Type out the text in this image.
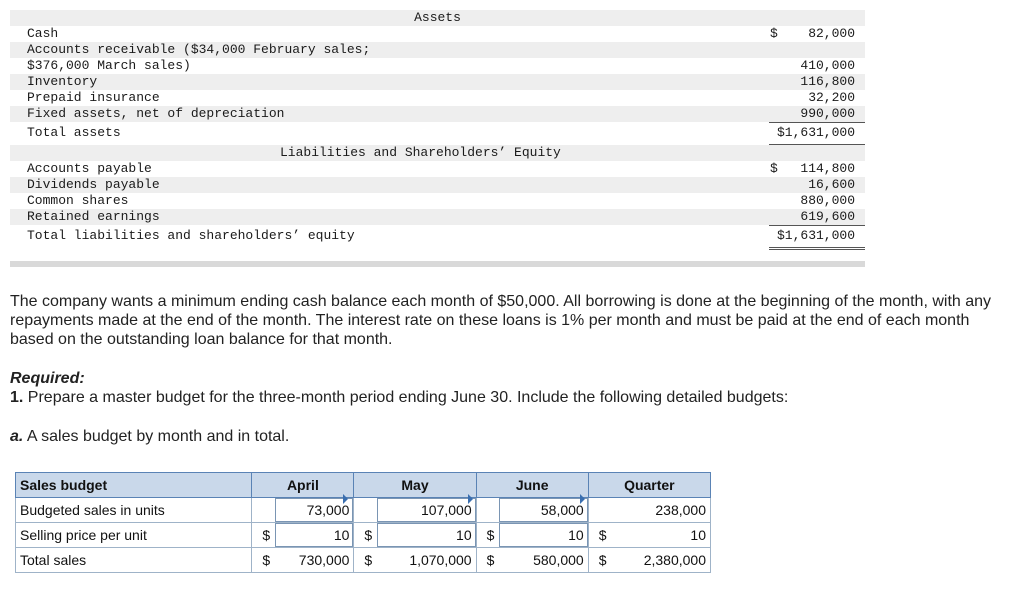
Assets
Cash	$ 82,000
Accounts receivable ($34,000 February sales;
$376,000 March sales)	410,000
Inventory	116,800
Prepaid insurance	32,200
Fixed assets, net of depreciation	990,000
Total assets	$1,631,000
Liabilities and Shareholders’ Equity
Accounts payable	$ 114,800
Dividends payable	16,600
Common shares	880,000
Retained earnings	619,600
Total liabilities and shareholders’ equity	$1,631,000
The company wants a minimum ending cash balance each month of $50,000. All borrowing is done at the beginning of the month, with any repayments made at the end of the month. The interest rate on these loans is 1% per month and must be paid at the end of each month based on the outstanding loan balance for that month.
Required:
1. Prepare a master budget for the three-month period ending June 30. Include the following detailed budgets:
a. A sales budget by month and in total.
Sales budget	April		May		June		Quarter	
Budgeted sales in units		73,000		107,000		58,000		238,000
Selling price per unit	$	10	$	10	$	10	$	10
Total sales	$	730,000	$	1,070,000	$	580,000	$	2,380,000
